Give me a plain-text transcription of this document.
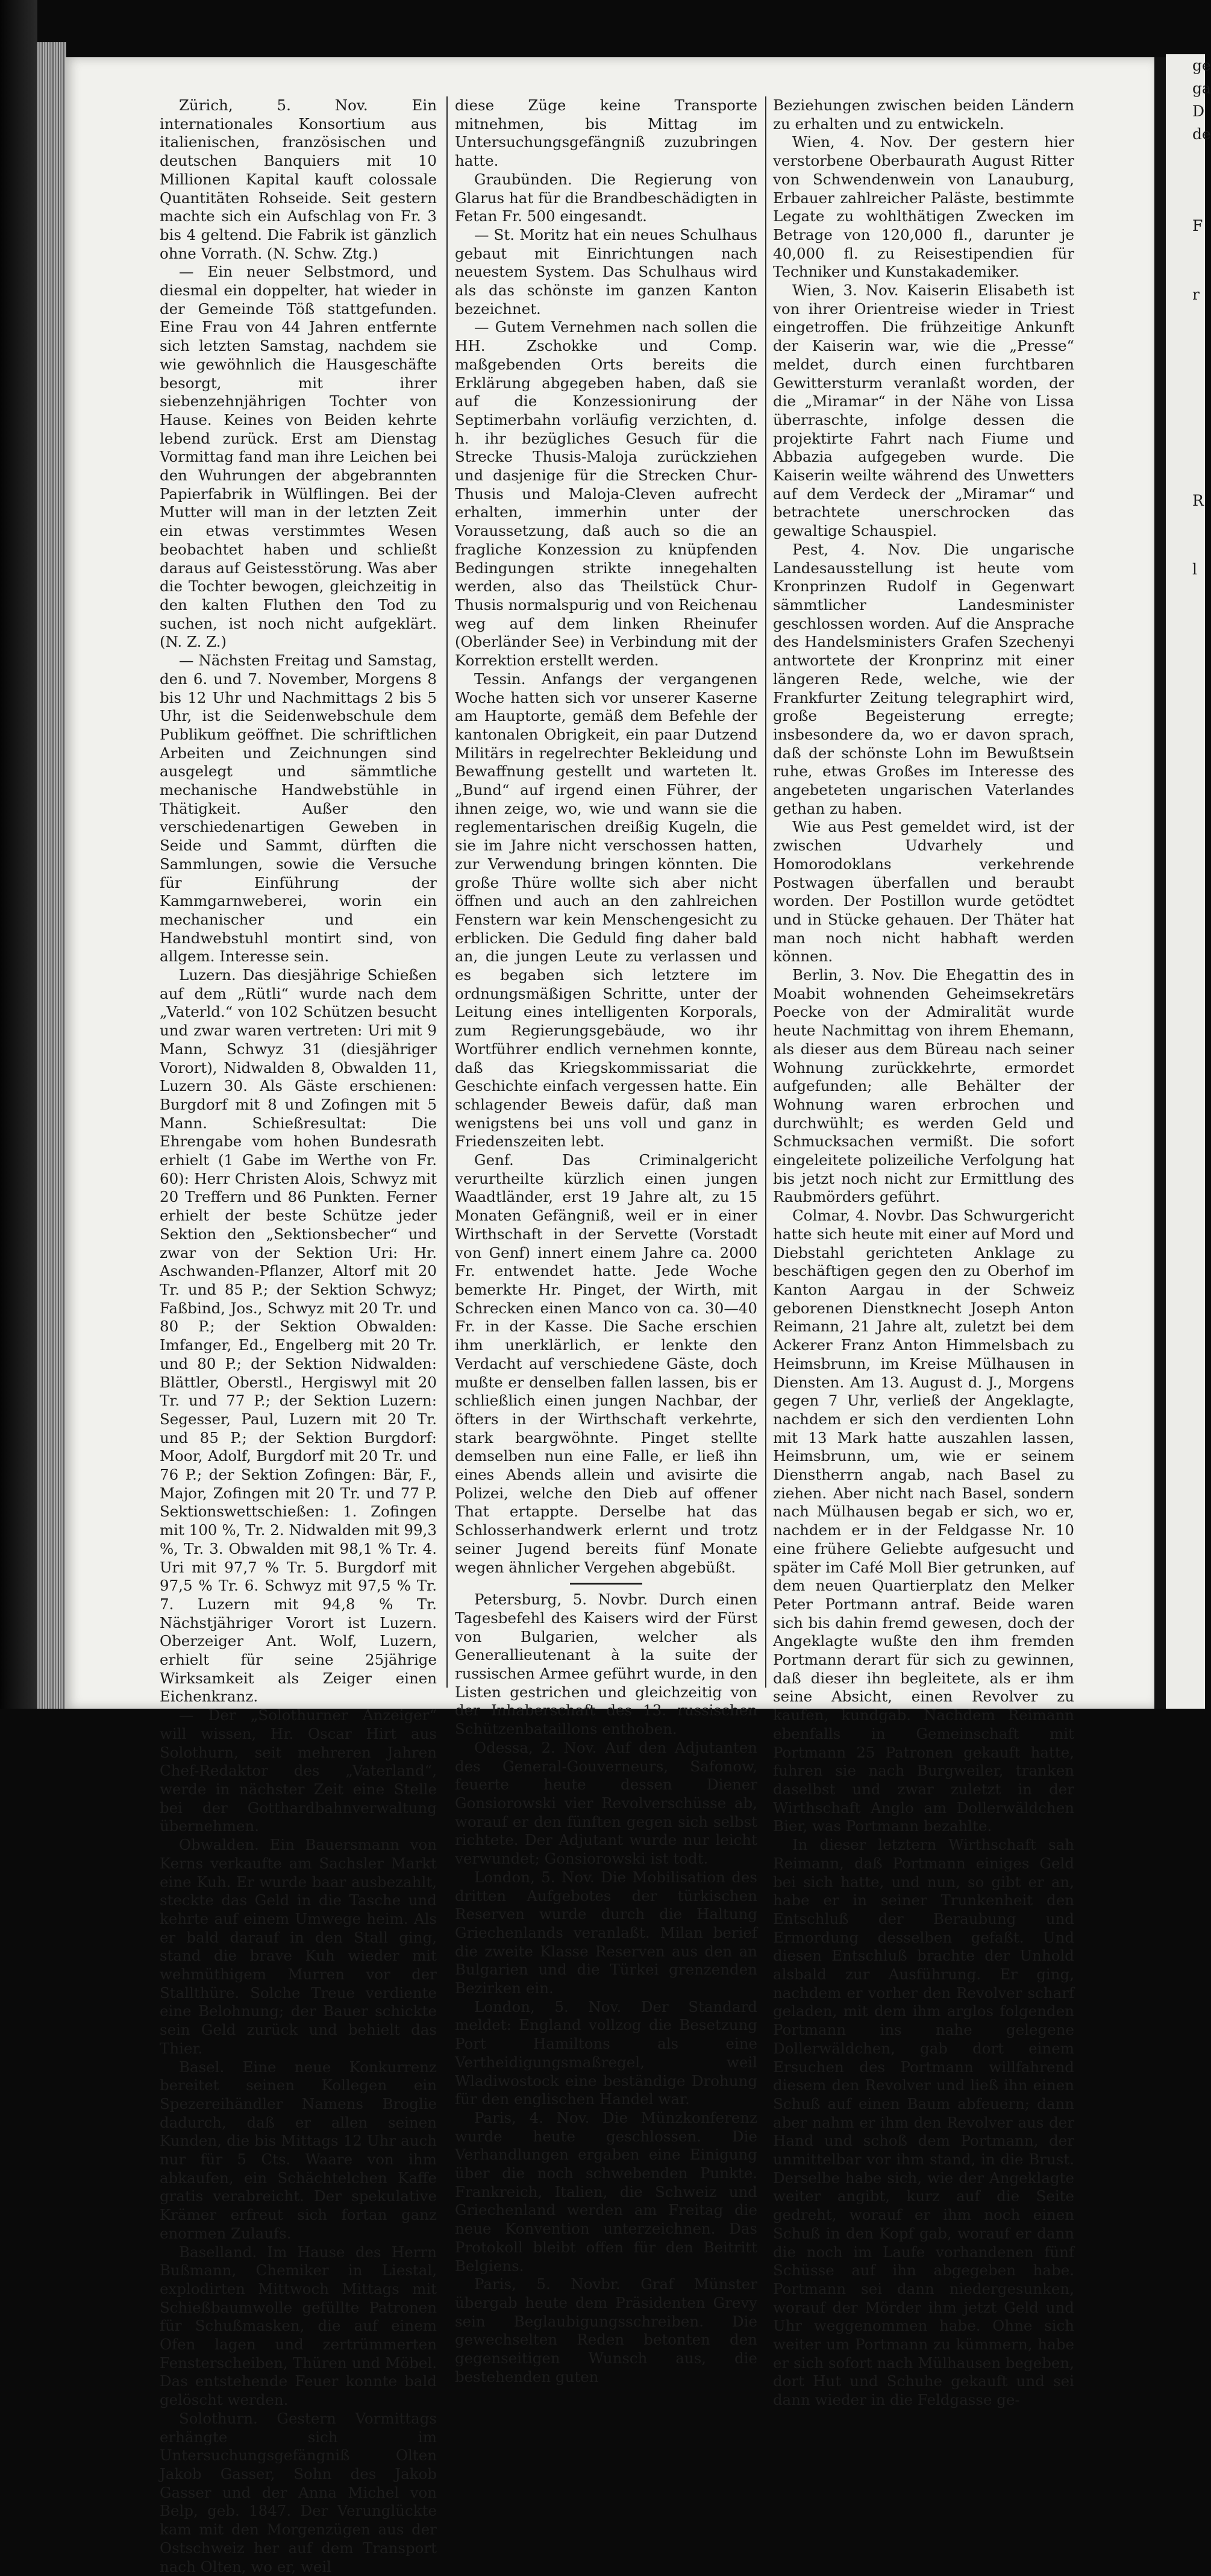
ge
ga
D
de

F

r

R

l

Zürich, 5. Nov. Ein internationales Konsortium aus italienischen, französischen und deutschen Banquiers mit 10 Millionen Kapital kauft colossale Quantitäten Rohseide. Seit gestern machte sich ein Aufschlag von Fr. 3 bis 4 geltend. Die Fabrik ist gänzlich ohne Vorrath. (N. Schw. Ztg.)

— Ein neuer Selbstmord, und diesmal ein doppelter, hat wieder in der Gemeinde Töß stattgefunden. Eine Frau von 44 Jahren entfernte sich letzten Samstag, nachdem sie wie gewöhnlich die Hausgeschäfte besorgt, mit ihrer siebenzehnjährigen Tochter von Hause. Keines von Beiden kehrte lebend zurück. Erst am Dienstag Vormittag fand man ihre Leichen bei den Wuhrungen der abgebrannten Papierfabrik in Wülflingen. Bei der Mutter will man in der letzten Zeit ein etwas verstimmtes Wesen beobachtet haben und schließt daraus auf Geistesstörung. Was aber die Tochter bewogen, gleichzeitig in den kalten Fluthen den Tod zu suchen, ist noch nicht aufgeklärt. (N. Z. Z.)

— Nächsten Freitag und Samstag, den 6. und 7. November, Morgens 8 bis 12 Uhr und Nachmittags 2 bis 5 Uhr, ist die Seidenwebschule dem Publikum geöffnet. Die schriftlichen Arbeiten und Zeichnungen sind ausgelegt und sämmtliche mechanische Handwebstühle in Thätigkeit. Außer den verschiedenartigen Geweben in Seide und Sammt, dürften die Sammlungen, sowie die Versuche für Einführung der Kammgarnweberei, worin ein mechanischer und ein Handwebstuhl montirt sind, von allgem. Interesse sein.

Luzern. Das diesjährige Schießen auf dem „Rütli“ wurde nach dem „Vaterld.“ von 102 Schützen besucht und zwar waren vertreten: Uri mit 9 Mann, Schwyz 31 (diesjähriger Vorort), Nidwalden 8, Obwalden 11, Luzern 30. Als Gäste erschienen: Burgdorf mit 8 und Zofingen mit 5 Mann. Schießresultat: Die Ehrengabe vom hohen Bundesrath erhielt (1 Gabe im Werthe von Fr. 60): Herr Christen Alois, Schwyz mit 20 Treffern und 86 Punkten. Ferner erhielt der beste Schütze jeder Sektion den „Sektionsbecher“ und zwar von der Sektion Uri: Hr. Aschwanden-Pflanzer, Altorf mit 20 Tr. und 85 P.; der Sektion Schwyz; Faßbind, Jos., Schwyz mit 20 Tr. und 80 P.; der Sektion Obwalden: Imfanger, Ed., Engelberg mit 20 Tr. und 80 P.; der Sektion Nidwalden: Blättler, Oberstl., Hergiswyl mit 20 Tr. und 77 P.; der Sektion Luzern: Segesser, Paul, Luzern mit 20 Tr. und 85 P.; der Sektion Burgdorf: Moor, Adolf, Burgdorf mit 20 Tr. und 76 P.; der Sektion Zofingen: Bär, F., Major, Zofingen mit 20 Tr. und 77 P. Sektionswettschießen: 1. Zofingen mit 100 %, Tr. 2. Nidwalden mit 99,3 %, Tr. 3. Obwalden mit 98,1 % Tr. 4. Uri mit 97,7 % Tr. 5. Burgdorf mit 97,5 % Tr. 6. Schwyz mit 97,5 % Tr. 7. Luzern mit 94,8 % Tr. Nächstjähriger Vorort ist Luzern. Oberzeiger Ant. Wolf, Luzern, erhielt für seine 25jährige Wirksamkeit als Zeiger einen Eichenkranz.

— Der „Solothurner Anzeiger“ will wissen, Hr. Oscar Hirt aus Solothurn, seit mehreren Jahren Chef-Redaktor des „Vaterland“, werde in nächster Zeit eine Stelle bei der Gotthardbahnverwaltung übernehmen.

Obwalden. Ein Bauersmann von Kerns verkaufte am Sachsler Markt eine Kuh. Er wurde baar ausbezahlt, steckte das Geld in die Tasche und kehrte auf einem Umwege heim. Als er bald darauf in den Stall ging, stand die brave Kuh wieder mit wehmüthigem Murren vor der Stallthüre. Solche Treue verdiente eine Belohnung; der Bauer schickte sein Geld zurück und behielt das Thier.

Basel. Eine neue Konkurrenz bereitet seinen Kollegen ein Spezereihändler Namens Broglie dadurch, daß er allen seinen Kunden, die bis Mittags 12 Uhr auch nur für 5 Cts. Waare von ihm abkaufen, ein Schächtelchen Kaffe gratis verabreicht. Der spekulative Krämer erfreut sich fortan ganz enormen Zulaufs.

Baselland. Im Hause des Herrn Bußmann, Chemiker in Liestal, explodirten Mittwoch Mittags mit Schießbaumwolle gefüllte Patronen für Schußmasken, die auf einem Ofen lagen und zertrümmerten Fensterscheiben, Thüren und Möbel. Das entstehende Feuer konnte bald gelöscht werden.

Solothurn. Gestern Vormittags erhängte sich im Untersuchungsgefängniß Olten Jakob Gasser, Sohn des Jakob Gasser und der Anna Michel von Belp, geb. 1847. Der Verunglückte kam mit den Morgenzügen aus der Ostschweiz her auf dem Transport nach Olten, wo er, weil

diese Züge keine Transporte mitnehmen, bis Mittag im Untersuchungsgefängniß zuzubringen hatte.

Graubünden. Die Regierung von Glarus hat für die Brandbeschädigten in Fetan Fr. 500 eingesandt.

— St. Moritz hat ein neues Schulhaus gebaut mit Einrichtungen nach neuestem System. Das Schulhaus wird als das schönste im ganzen Kanton bezeichnet.

— Gutem Vernehmen nach sollen die HH. Zschokke und Comp. maßgebenden Orts bereits die Erklärung abgegeben haben, daß sie auf die Konzessionirung der Septimerbahn vorläufig verzichten, d. h. ihr bezügliches Gesuch für die Strecke Thusis-Maloja zurückziehen und dasjenige für die Strecken Chur-Thusis und Maloja-Cleven aufrecht erhalten, immerhin unter der Voraussetzung, daß auch so die an fragliche Konzession zu knüpfenden Bedingungen strikte innegehalten werden, also das Theilstück Chur-Thusis normalspurig und von Reichenau weg auf dem linken Rheinufer (Oberländer See) in Verbindung mit der Korrektion erstellt werden.

Tessin. Anfangs der vergangenen Woche hatten sich vor unserer Kaserne am Hauptorte, gemäß dem Befehle der kantonalen Obrigkeit, ein paar Dutzend Militärs in regelrechter Bekleidung und Bewaffnung gestellt und warteten lt. „Bund“ auf irgend einen Führer, der ihnen zeige, wo, wie und wann sie die reglementarischen dreißig Kugeln, die sie im Jahre nicht verschossen hatten, zur Verwendung bringen könnten. Die große Thüre wollte sich aber nicht öffnen und auch an den zahlreichen Fenstern war kein Menschengesicht zu erblicken. Die Geduld fing daher bald an, die jungen Leute zu verlassen und es begaben sich letztere im ordnungsmäßigen Schritte, unter der Leitung eines intelligenten Korporals, zum Regierungsgebäude, wo ihr Wortführer endlich vernehmen konnte, daß das Kriegskommissariat die Geschichte einfach vergessen hatte. Ein schlagender Beweis dafür, daß man wenigstens bei uns voll und ganz in Friedenszeiten lebt.

Genf. Das Criminalgericht verurtheilte kürzlich einen jungen Waadtländer, erst 19 Jahre alt, zu 15 Monaten Gefängniß, weil er in einer Wirthschaft in der Servette (Vorstadt von Genf) innert einem Jahre ca. 2000 Fr. entwendet hatte. Jede Woche bemerkte Hr. Pinget, der Wirth, mit Schrecken einen Manco von ca. 30—40 Fr. in der Kasse. Die Sache erschien ihm unerklärlich, er lenkte den Verdacht auf verschiedene Gäste, doch mußte er denselben fallen lassen, bis er schließlich einen jungen Nachbar, der öfters in der Wirthschaft verkehrte, stark beargwöhnte. Pinget stellte demselben nun eine Falle, er ließ ihn eines Abends allein und avisirte die Polizei, welche den Dieb auf offener That ertappte. Derselbe hat das Schlosserhandwerk erlernt und trotz seiner Jugend bereits fünf Monate wegen ähnlicher Vergehen abgebüßt.

Petersburg, 5. Novbr. Durch einen Tagesbefehl des Kaisers wird der Fürst von Bulgarien, welcher als Generallieutenant à la suite der russischen Armee geführt wurde, in den Listen gestrichen und gleichzeitig von der Inhaberschaft des 13. russischen Schützenbataillons enthoben.

Odessa, 2. Nov. Auf den Adjutanten des General-Gouverneurs, Safonow, feuerte heute dessen Diener Gonsiorowski vier Revolverschüsse ab, worauf er den fünften gegen sich selbst richtete. Der Adjutant wurde nur leicht verwundet; Gonsiorowski ist todt.

London, 5. Nov. Die Mobilisation des dritten Aufgebotes der türkischen Reserven wurde durch die Haltung Griechenlands veranlaßt. Milan berief die zweite Klasse Reserven aus den an Bulgarien und die Türkei grenzenden Bezirken ein.

London, 5. Nov. Der Standard meldet: England vollzog die Besetzung Port Hamiltons als eine Vertheidigungsmaßregel, weil Wladiwostock eine beständige Drohung für den englischen Handel war.

Paris, 4. Nov. Die Münzkonferenz wurde heute geschlossen. Die Verhandlungen ergaben eine Einigung über die noch schwebenden Punkte. Frankreich, Italien, die Schweiz und Griechenland werden am Freitag die neue Konvention unterzeichnen. Das Protokoll bleibt offen für den Beitritt Belgiens.

Paris, 5. Novbr. Graf Münster übergab heute dem Präsidenten Grevy sein Beglaubigungsschreiben. Die gewechselten Reden betonten den gegenseitigen Wunsch aus, die bestehenden guten

Beziehungen zwischen beiden Ländern zu erhalten und zu entwickeln.

Wien, 4. Nov. Der gestern hier verstorbene Oberbaurath August Ritter von Schwendenwein von Lanauburg, Erbauer zahlreicher Paläste, bestimmte Legate zu wohlthätigen Zwecken im Betrage von 120,000 fl., darunter je 40,000 fl. zu Reisestipendien für Techniker und Kunstakademiker.

Wien, 3. Nov. Kaiserin Elisabeth ist von ihrer Orientreise wieder in Triest eingetroffen. Die frühzeitige Ankunft der Kaiserin war, wie die „Presse“ meldet, durch einen furchtbaren Gewittersturm veranlaßt worden, der die „Miramar“ in der Nähe von Lissa überraschte, infolge dessen die projektirte Fahrt nach Fiume und Abbazia aufgegeben wurde. Die Kaiserin weilte während des Unwetters auf dem Verdeck der „Miramar“ und betrachtete unerschrocken das gewaltige Schauspiel.

Pest, 4. Nov. Die ungarische Landesausstellung ist heute vom Kronprinzen Rudolf in Gegenwart sämmtlicher Landesminister geschlossen worden. Auf die Ansprache des Handelsministers Grafen Szechenyi antwortete der Kronprinz mit einer längeren Rede, welche, wie der Frankfurter Zeitung telegraphirt wird, große Begeisterung erregte; insbesondere da, wo er davon sprach, daß der schönste Lohn im Bewußtsein ruhe, etwas Großes im Interesse des angebeteten ungarischen Vaterlandes gethan zu haben.

Wie aus Pest gemeldet wird, ist der zwischen Udvarhely und Homorodoklans verkehrende Postwagen überfallen und beraubt worden. Der Postillon wurde getödtet und in Stücke gehauen. Der Thäter hat man noch nicht habhaft werden können.

Berlin, 3. Nov. Die Ehegattin des in Moabit wohnenden Geheimsekretärs Poecke von der Admiralität wurde heute Nachmittag von ihrem Ehemann, als dieser aus dem Büreau nach seiner Wohnung zurückkehrte, ermordet aufgefunden; alle Behälter der Wohnung waren erbrochen und durchwühlt; es werden Geld und Schmucksachen vermißt. Die sofort eingeleitete polizeiliche Verfolgung hat bis jetzt noch nicht zur Ermittlung des Raubmörders geführt.

Colmar, 4. Novbr. Das Schwurgericht hatte sich heute mit einer auf Mord und Diebstahl gerichteten Anklage zu beschäftigen gegen den zu Oberhof im Kanton Aargau in der Schweiz geborenen Dienstknecht Joseph Anton Reimann, 21 Jahre alt, zuletzt bei dem Ackerer Franz Anton Himmelsbach zu Heimsbrunn, im Kreise Mülhausen in Diensten. Am 13. August d. J., Morgens gegen 7 Uhr, verließ der Angeklagte, nachdem er sich den verdienten Lohn mit 13 Mark hatte auszahlen lassen, Heimsbrunn, um, wie er seinem Dienstherrn angab, nach Basel zu ziehen. Aber nicht nach Basel, sondern nach Mülhausen begab er sich, wo er, nachdem er in der Feldgasse Nr. 10 eine frühere Geliebte aufgesucht und später im Café Moll Bier getrunken, auf dem neuen Quartierplatz den Melker Peter Portmann antraf. Beide waren sich bis dahin fremd gewesen, doch der Angeklagte wußte den ihm fremden Portmann derart für sich zu gewinnen, daß dieser ihn begleitete, als er ihm seine Absicht, einen Revolver zu kaufen, kundgab. Nachdem Reimann ebenfalls in Gemeinschaft mit Portmann 25 Patronen gekauft hatte, fuhren sie nach Burgweiler, tranken daselbst und zwar zuletzt in der Wirthschaft Anglo am Dollerwäldchen Bier, was Portmann bezahlte.

In dieser letztern Wirthschaft sah Reimann, daß Portmann einiges Geld bei sich hatte, und nun, so gibt er an, habe er in seiner Trunkenheit den Entschluß der Beraubung und Ermordung desselben gefaßt. Und diesen Entschluß brachte der Unhold alsbald zur Ausführung. Er ging, nachdem er vorher den Revolver scharf geladen, mit dem ihm arglos folgenden Portmann ins nahe gelegene Dollerwäldchen, gab dort einem Ersuchen des Portmann willfahrend diesem den Revolver und ließ ihn einen Schuß auf einen Baum abfeuern; dann aber nahm er ihm den Revolver aus der Hand und schoß dem Portmann, der unmittelbar vor ihm stand, in die Brust. Derselbe habe sich, wie der Angeklagte weiter angibt, kurz auf die Seite gedreht, worauf er ihm noch einen Schuß in den Kopf gab, worauf er dann die noch im Laufe vorhandenen fünf Schüsse auf ihn abgegeben habe. Portmann sei dann niedergesunken, worauf der Mörder ihm jetzt Geld und Uhr weggenommen habe. Ohne sich weiter um Portmann zu kümmern, habe er sich sofort nach Mülhausen begeben, dort Hut und Schuhe gekauft und sei dann wieder in die Feldgasse ge-
